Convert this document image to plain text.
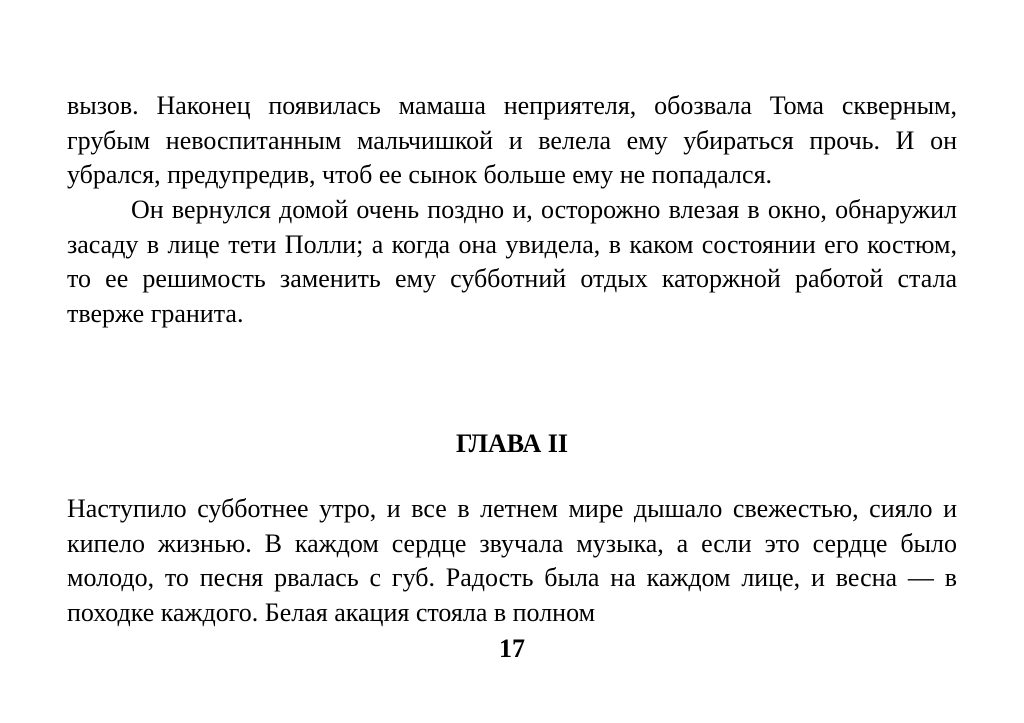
вызов. Наконец появилась мамаша неприятеля, обозвала Тома скверным, грубым невоспитанным мальчишкой и велела ему убираться прочь. И он убрался, предупредив, чтоб ее сынок больше ему не попадался.

Он вернулся домой очень поздно и, осторожно влезая в окно, обнаружил засаду в лице тети Полли; а когда она увидела, в каком состоянии его костюм, то ее решимость заменить ему субботний отдых каторжной работой стала тверже гранита.

ГЛАВА II

Наступило субботнее утро, и все в летнем мире дышало свежестью, сияло и кипело жизнью. В каждом сердце звучала музыка, а если это сердце было молодо, то песня рвалась с губ. Радость была на каждом лице, и весна — в походке каждого. Белая акация стояла в полном

17
